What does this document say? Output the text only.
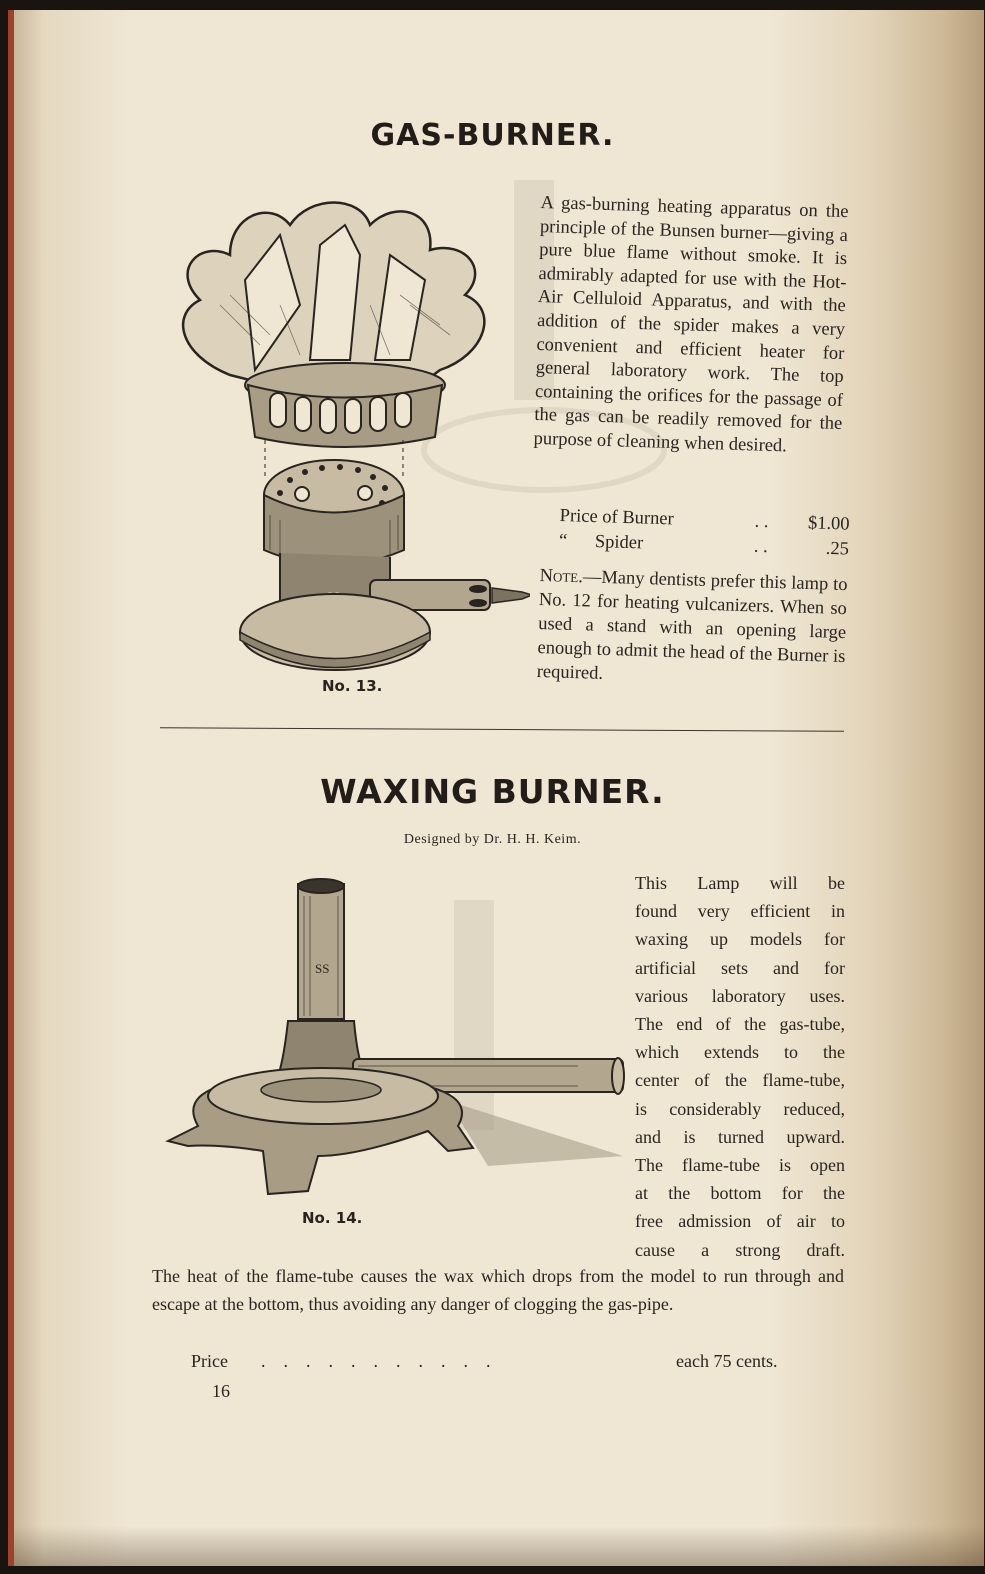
GAS-BURNER.
A gas-burning heating apparatus on the principle of the Bunsen burner—giving a pure blue flame without smoke. It is admirably adapted for use with the Hot-Air Celluloid Apparatus, and with the addition of the spider makes a very convenient and efficient heater for general laboratory work. The top containing the orifices for the passage of the gas can be readily removed for the purpose of cleaning when desired.
Price of Burner	. .	$1.00
“      Spider	. .	.25
Note.—Many dentists prefer this lamp to No. 12 for heating vulcanizers. When so used a stand with an opening large enough to admit the head of the Burner is required.
No. 13.
WAXING BURNER.
Designed by Dr. H. H. Keim.
SS
This Lamp will be
found very efficient in
waxing up models for
artificial sets and for
various laboratory uses.
The end of the gas-tube,
which extends to the
center of the flame-tube,
is considerably reduced,
and is turned upward.
The flame-tube is open
at the bottom for the
free admission of air to
cause a strong draft.
No. 14.
The heat of the flame-tube causes the wax which drops from the model to run through and escape at the bottom, thus avoiding any danger of clogging the gas-pipe.
Price	...........	each 75 cents.
16
